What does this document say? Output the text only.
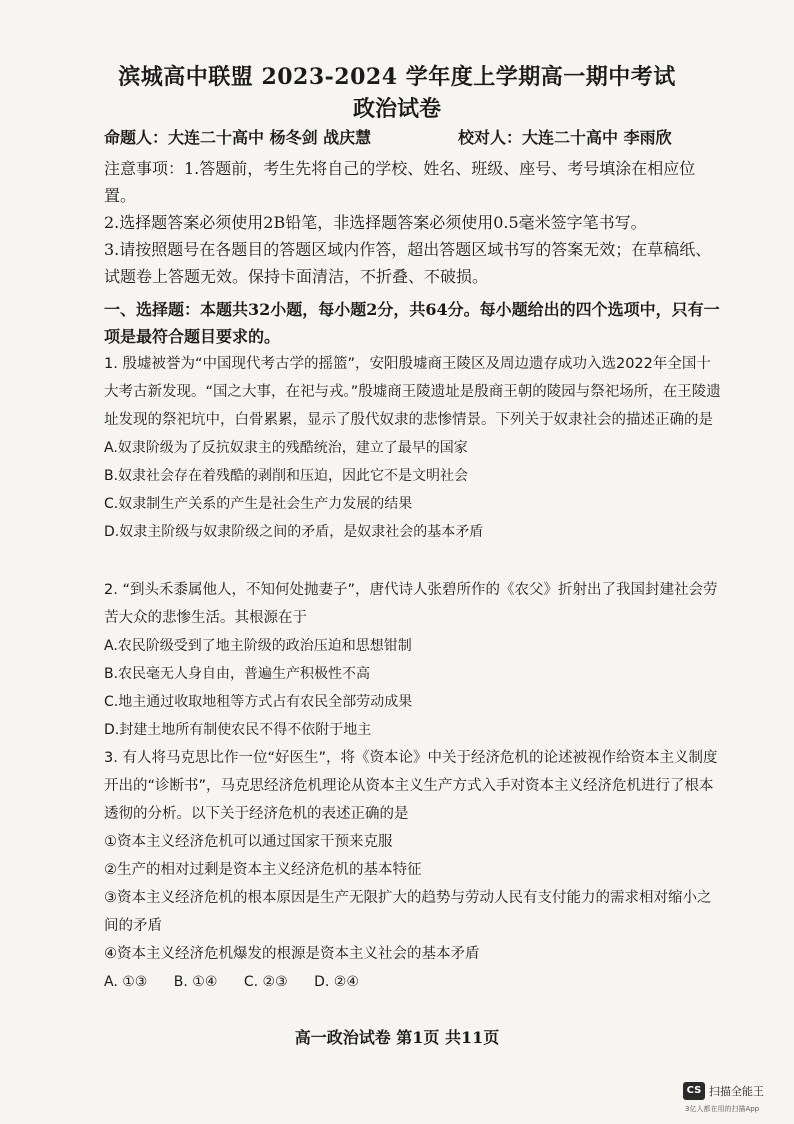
滨城高中联盟 2023-2024 学年度上学期高一期中考试
政治试卷
命题人：大连二十高中 杨冬剑 战庆慧	校对人：大连二十高中 李雨欣
注意事项：1.答题前，考生先将自己的学校、姓名、班级、座号、考号填涂在相应位置。
2.选择题答案必须使用2B铅笔，非选择题答案必须使用0.5毫米签字笔书写。
3.请按照题号在各题目的答题区域内作答，超出答题区域书写的答案无效；在草稿纸、试题卷上答题无效。保持卡面清洁，不折叠、不破损。
一、选择题：本题共32小题，每小题2分，共64分。每小题给出的四个选项中，只有一项是最符合题目要求的。
1. 殷墟被誉为“中国现代考古学的摇篮”，安阳殷墟商王陵区及周边遗存成功入选2022年全国十大考古新发现。“国之大事，在祀与戎。”殷墟商王陵遗址是殷商王朝的陵园与祭祀场所，在王陵遗址发现的祭祀坑中，白骨累累，显示了殷代奴隶的悲惨情景。下列关于奴隶社会的描述正确的是
A.奴隶阶级为了反抗奴隶主的残酷统治，建立了最早的国家
B.奴隶社会存在着残酷的剥削和压迫，因此它不是文明社会
C.奴隶制生产关系的产生是社会生产力发展的结果
D.奴隶主阶级与奴隶阶级之间的矛盾，是奴隶社会的基本矛盾
2. “到头禾黍属他人，不知何处抛妻子”，唐代诗人张碧所作的《农父》折射出了我国封建社会劳苦大众的悲惨生活。其根源在于
A.农民阶级受到了地主阶级的政治压迫和思想钳制
B.农民毫无人身自由，普遍生产积极性不高
C.地主通过收取地租等方式占有农民全部劳动成果
D.封建土地所有制使农民不得不依附于地主
3. 有人将马克思比作一位“好医生”，将《资本论》中关于经济危机的论述被视作给资本主义制度开出的“诊断书”，马克思经济危机理论从资本主义生产方式入手对资本主义经济危机进行了根本透彻的分析。以下关于经济危机的表述正确的是
①资本主义经济危机可以通过国家干预来克服
②生产的相对过剩是资本主义经济危机的基本特征
③资本主义经济危机的根本原因是生产无限扩大的趋势与劳动人民有支付能力的需求相对缩小之间的矛盾
④资本主义经济危机爆发的根源是资本主义社会的基本矛盾
A. ①③ B. ①④ C. ②③ D. ②④
高一政治试卷 第1页 共11页
CS 扫描全能王
3亿人都在用的扫描App
